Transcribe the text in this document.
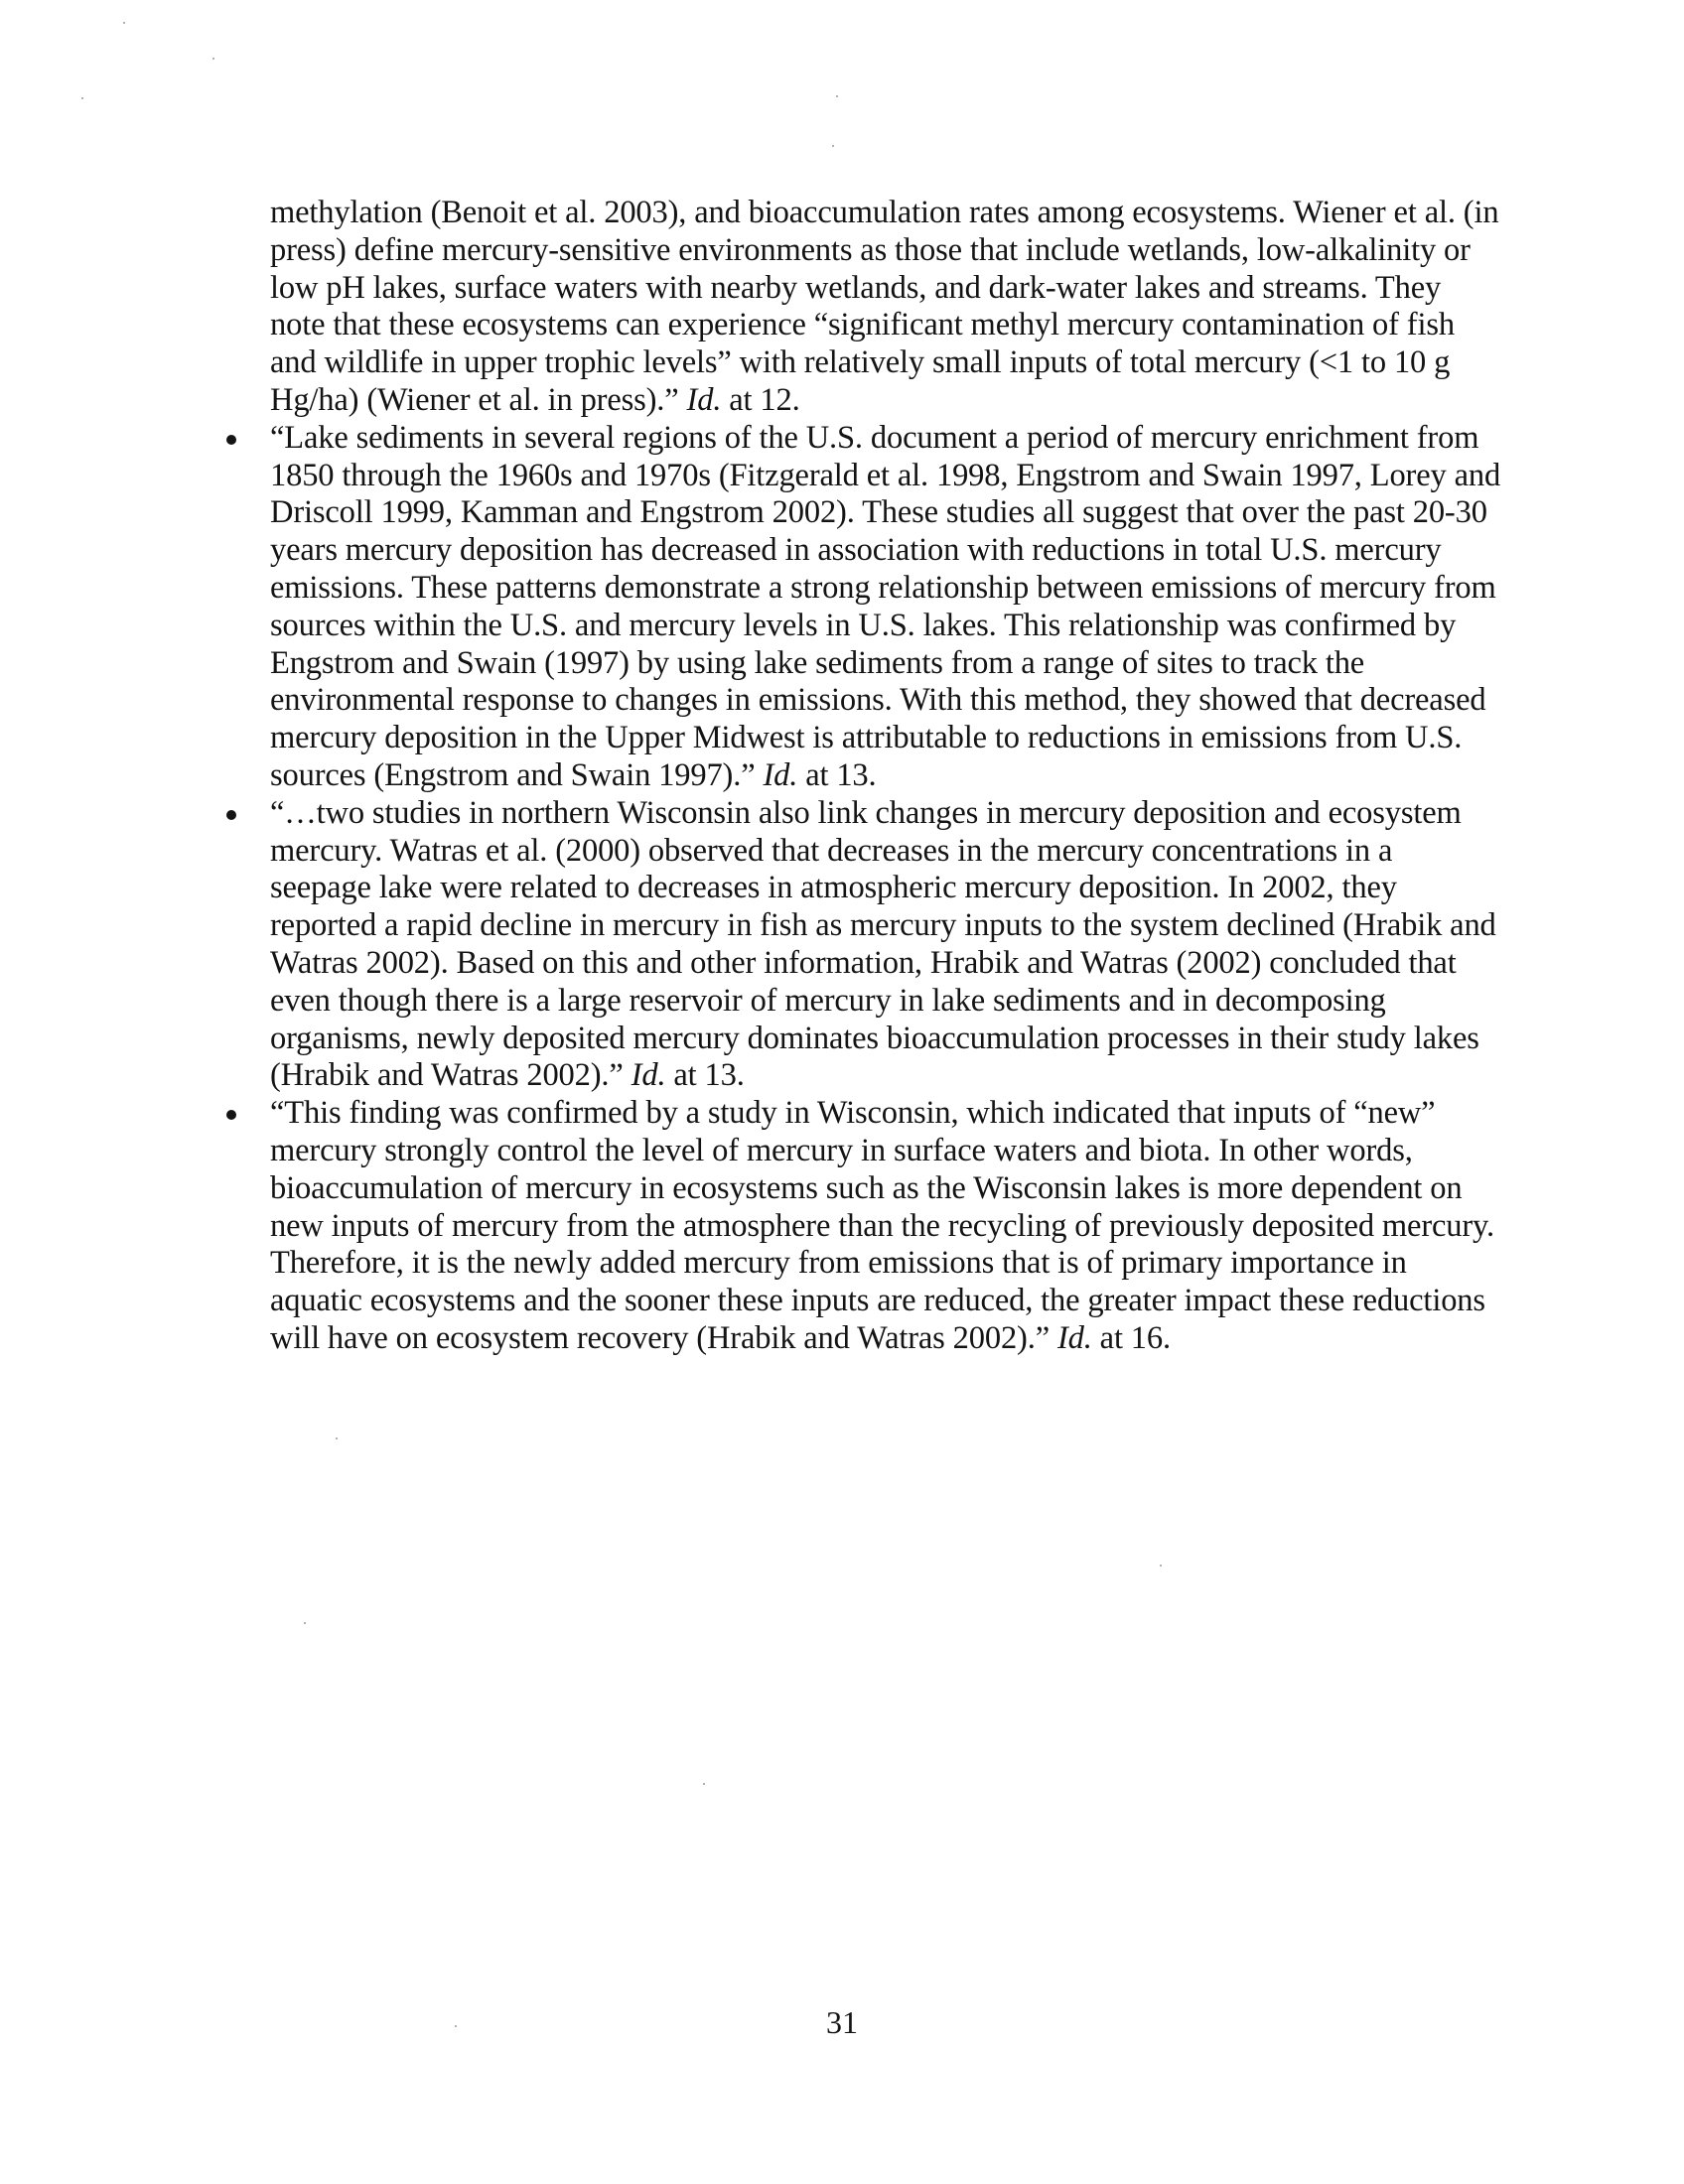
methylation (Benoit et al. 2003), and bioaccumulation rates among ecosystems. Wiener et al. (in press) define mercury-sensitive environments as those that include wetlands, low-alkalinity or low pH lakes, surface waters with nearby wetlands, and dark-water lakes and streams. They note that these ecosystems can experience “significant methyl mercury contamination of fish and wildlife in upper trophic levels” with relatively small inputs of total mercury (<1 to 10 g Hg/ha) (Wiener et al. in press).” Id. at 12.

“Lake sediments in several regions of the U.S. document a period of mercury enrichment from 1850 through the 1960s and 1970s (Fitzgerald et al. 1998, Engstrom and Swain 1997, Lorey and Driscoll 1999, Kamman and Engstrom 2002). These studies all suggest that over the past 20-30 years mercury deposition has decreased in association with reductions in total U.S. mercury emissions. These patterns demonstrate a strong relationship between emissions of mercury from sources within the U.S. and mercury levels in U.S. lakes. This relationship was confirmed by Engstrom and Swain (1997) by using lake sediments from a range of sites to track the environmental response to changes in emissions. With this method, they showed that decreased mercury deposition in the Upper Midwest is attributable to reductions in emissions from U.S. sources (Engstrom and Swain 1997).” Id. at 13.
“…two studies in northern Wisconsin also link changes in mercury deposition and ecosystem mercury. Watras et al. (2000) observed that decreases in the mercury concentrations in a seepage lake were related to decreases in atmospheric mercury deposition. In 2002, they reported a rapid decline in mercury in fish as mercury inputs to the system declined (Hrabik and Watras 2002). Based on this and other information, Hrabik and Watras (2002) concluded that even though there is a large reservoir of mercury in lake sediments and in decomposing organisms, newly deposited mercury dominates bioaccumulation processes in their study lakes (Hrabik and Watras 2002).” Id. at 13.
“This finding was confirmed by a study in Wisconsin, which indicated that inputs of “new” mercury strongly control the level of mercury in surface waters and biota. In other words, bioaccumulation of mercury in ecosystems such as the Wisconsin lakes is more dependent on new inputs of mercury from the atmosphere than the recycling of previously deposited mercury. Therefore, it is the newly added mercury from emissions that is of primary importance in aquatic ecosystems and the sooner these inputs are reduced, the greater impact these reductions will have on ecosystem recovery (Hrabik and Watras 2002).” Id. at 16.
31
